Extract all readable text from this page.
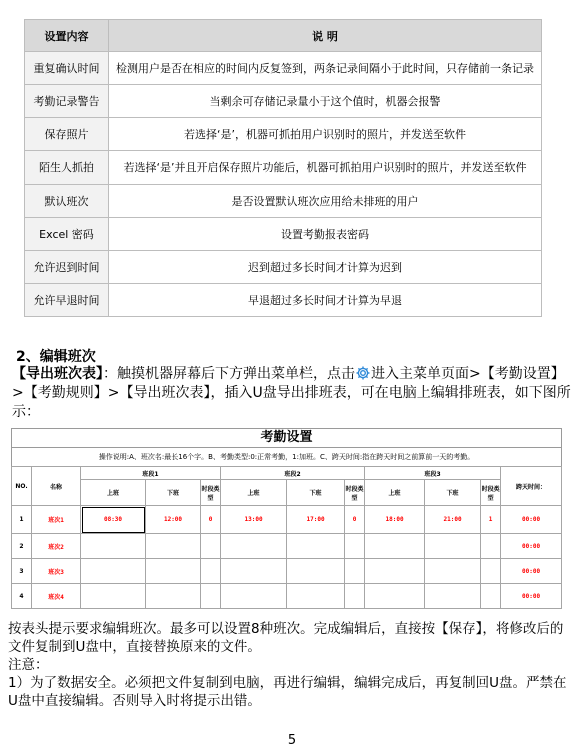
设置内容	说 明
重复确认时间	检测用户是否在相应的时间内反复签到，两条记录间隔小于此时间，只存储前一条记录
考勤记录警告	当剩余可存储记录量小于这个值时，机器会报警
保存照片	若选择‘是’，机器可抓拍用户识别时的照片，并发送至软件
陌生人抓拍	若选择‘是’并且开启保存照片功能后，机器可抓拍用户识别时的照片，并发送至软件
默认班次	是否设置默认班次应用给未排班的用户
Excel 密码	设置考勤报表密码
允许迟到时间	迟到超过多长时间才计算为迟到
允许早退时间	早退超过多长时间才计算为早退
2、编辑班次
【导出班次表】：触摸机器屏幕后下方弹出菜单栏，点击 进入主菜单页面>【考勤设置】>【考勤规则】>【导出班次表】，插入U盘导出排班表，可在电脑上编辑排班表，如下图所示：
考勤设置
操作说明:A、班次名:最长16个字。B、考勤类型:0:正常考勤，1:加班。C、跨天时间:指在跨天时间之前算前一天的考勤。
NO.	名称	班段1			班段2			班段3			跨天时间：
		上班	下班	时段类型	上班	下班	时段类型	上班	下班	时段类型	
1	班次1	08:30	12:00	0	13:00	17:00	0	18:00	21:00	1	00:00
2	班次2										00:00
3	班次3										00:00
4	班次4										00:00
按表头提示要求编辑班次。最多可以设置8种班次。完成编辑后，直接按【保存】，将修改后的文件复制到U盘中，直接替换原来的文件。
注意：
1）为了数据安全。必须把文件复制到电脑，再进行编辑，编辑完成后，再复制回U盘。严禁在U盘中直接编辑。否则导入时将提示出错。
5
